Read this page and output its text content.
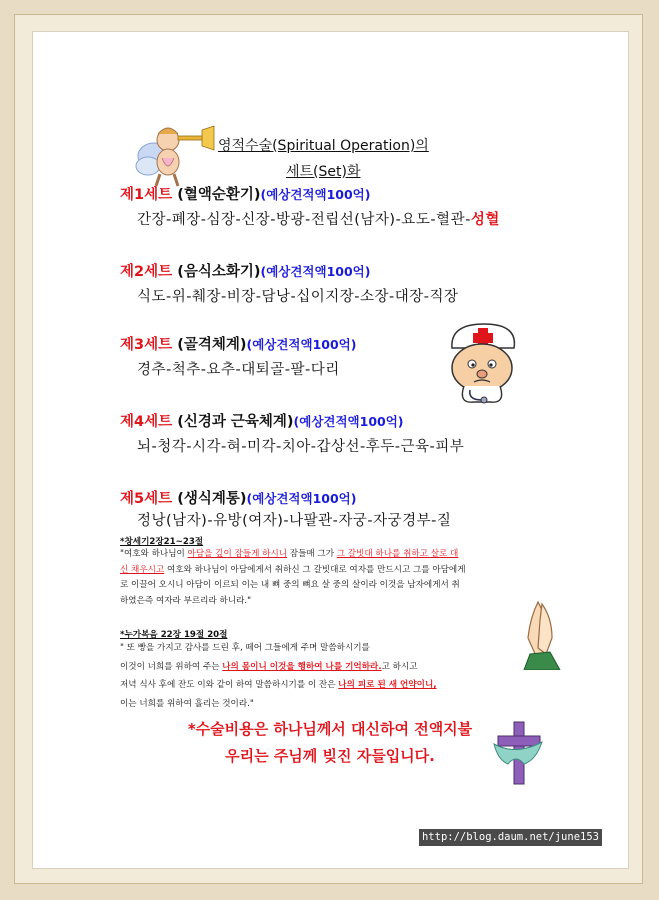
영적수술(Spiritual Operation)의
세트(Set)화
제1세트 (혈액순환기)(예상견적액100억)
간장-폐장-심장-신장-방광-전립선(남자)-요도-혈관-성혈
제2세트 (음식소화기)(예상견적액100억)
식도-위-췌장-비장-담낭-십이지장-소장-대장-직장
제3세트 (골격체계)(예상견적액100억)
경추-척추-요추-대퇴골-팔-다리
제4세트 (신경과 근육체계)(예상견적액100억)
뇌-청각-시각-혀-미각-치아-갑상선-후두-근육-피부
제5세트 (생식계통)(예상견적액100억)
정낭(남자)-유방(여자)-나팔관-자궁-자궁경부-질
*창세기2장21~23절
"여호와 하나님이 아담을 깊이 잠들게 하시니 잠들매 그가 그 갈빗대 하나를 취하고 살로 대
신 채우시고 여호와 하나님이 아담에게서 취하신 그 갈빗대로 여자를 만드시고 그를 아담에게
로 이끌어 오시니 아담이 이르되 이는 내 뼈 중의 뼈요 살 중의 살이라 이것을 남자에게서 취
하였은즉 여자라 부르리라 하니라."
*누가복음 22장 19절 20절
" 또 빵을 가지고 감사를 드린 후, 떼어 그들에게 주며 말씀하시기를
이것이 너희를 위하여 주는 나의 몸이니 이것을 행하여 나를 기억하라.고 하시고
저녁 식사 후에 잔도 이와 같이 하여 말씀하시기를 이 잔은 나의 피로 된 새 언약이니,
이는 너희를 위하여 흘리는 것이라."
*수술비용은 하나님께서 대신하여 전액지불
우리는 주님께 빚진 자들입니다.
http://blog.daum.net/june153
